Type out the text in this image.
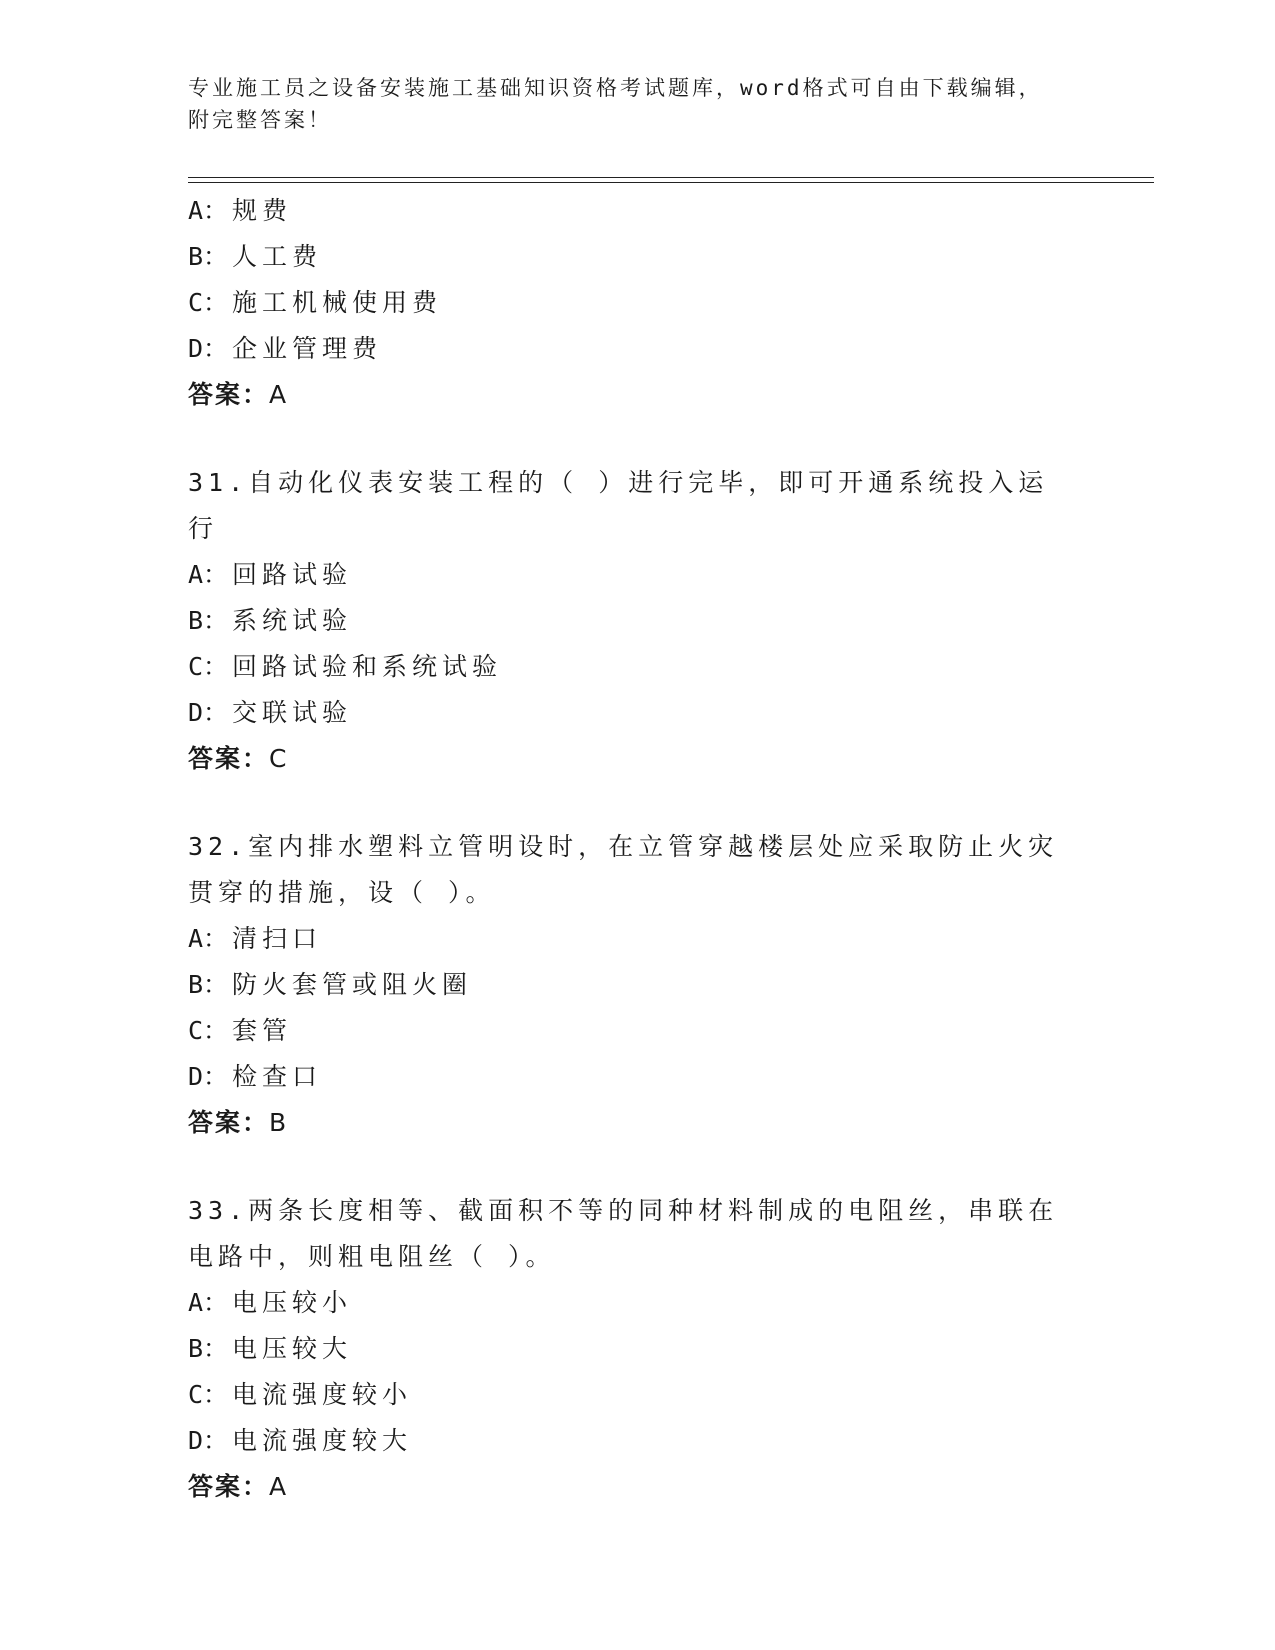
专业施工员之设备安装施工基础知识资格考试题库，word格式可自由下载编辑，
附完整答案！
A： 规费
B： 人工费
C： 施工机械使用费
D： 企业管理费
答案：A
31.自动化仪表安装工程的（ ）进行完毕，即可开通系统投入运行
A： 回路试验
B： 系统试验
C： 回路试验和系统试验
D： 交联试验
答案：C
32.室内排水塑料立管明设时，在立管穿越楼层处应采取防止火灾贯穿的措施，设（ ）。
A： 清扫口
B： 防火套管或阻火圈
C： 套管
D： 检查口
答案：B
33.两条长度相等、截面积不等的同种材料制成的电阻丝，串联在电路中，则粗电阻丝（ ）。
A： 电压较小
B： 电压较大
C： 电流强度较小
D： 电流强度较大
答案：A
